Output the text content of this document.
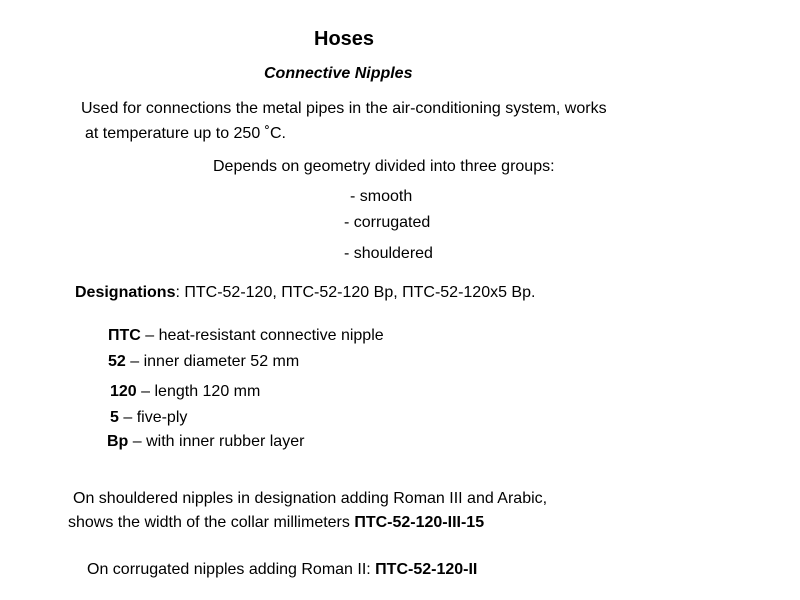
Hoses
Connective Nipples
Used for connections the metal pipes in the air-conditioning system, works
at temperature up to 250 ˚C.
Depends on geometry divided into three groups:
- smooth
- corrugated
- shouldered
Designations: ПТС-52-120, ПТС-52-120 Вр, ПТС-52-120х5 Вр.
ПТС – heat-resistant connective nipple
52 – inner diameter 52 mm
120 – length 120 mm
5 – five-ply
Вр – with inner rubber layer
On shouldered nipples in designation adding Roman III and Arabic,
shows the width of the collar millimeters ПТС-52-120-III-15
On corrugated nipples adding Roman II: ПТС-52-120-II
